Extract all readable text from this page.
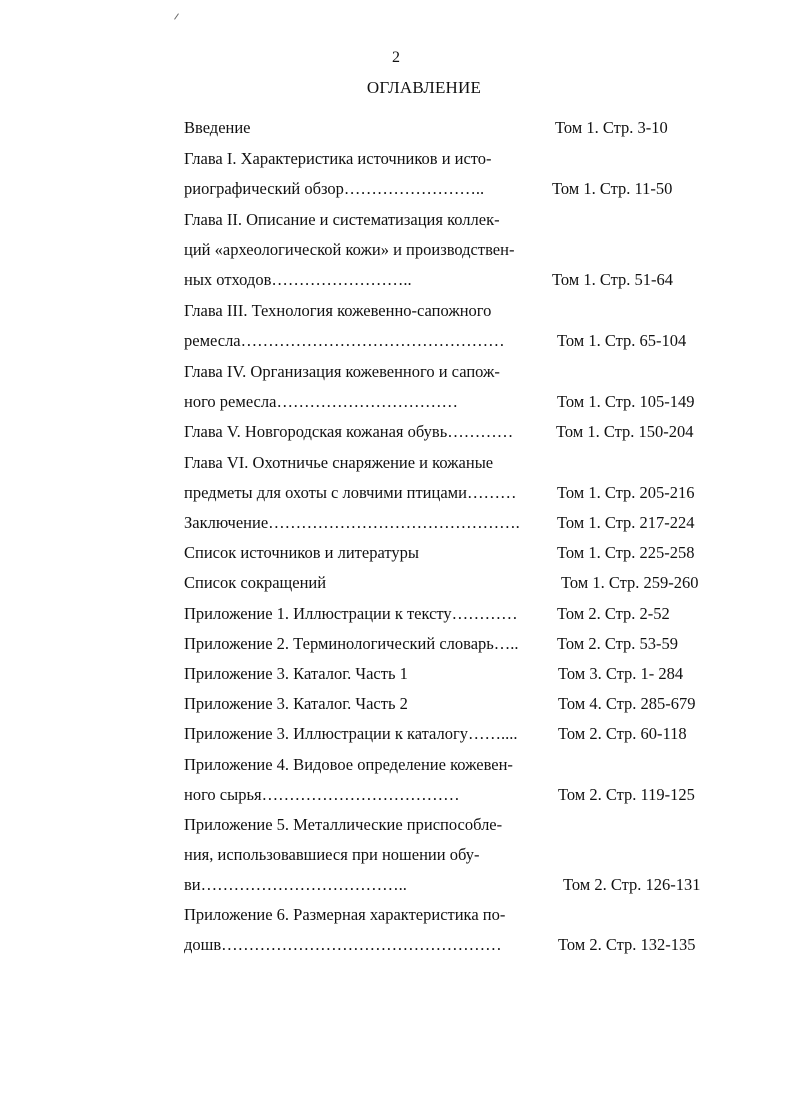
2
ОГЛАВЛЕНИЕ
Введение	Том 1. Стр. 3-10
Глава I. Характеристика источников и исто-
риографический обзор……………………..	Том 1. Стр. 11-50
Глава II. Описание и систематизация коллек-
ций «археологической кожи» и производствен-
ных отходов……………………..	Том 1. Стр. 51-64
Глава III. Технология кожевенно-сапожного
ремесла…………………………………………	Том 1. Стр. 65-104
Глава IV. Организация кожевенного и сапож-
ного ремесла……………………………	Том 1. Стр. 105-149
Глава V. Новгородская кожаная обувь…………	Том 1. Стр. 150-204
Глава VI. Охотничье снаряжение и кожаные
предметы для охоты с ловчими птицами……… Том 1. Стр. 205-216
Заключение………………………………………. Том 1. Стр. 217-224
Список источников и литературы	Том 1. Стр. 225-258
Список сокращений	Том 1. Стр. 259-260
Приложение 1. Иллюстрации к тексту………… Том 2. Стр. 2-52
Приложение 2. Терминологический словарь….. Том 2. Стр. 53-59
Приложение 3. Каталог. Часть 1	Том 3. Стр. 1- 284
Приложение 3. Каталог. Часть 2	Том 4. Стр. 285-679
Приложение 3. Иллюстрации к каталогу…….... Том 2. Стр. 60-118
Приложение 4. Видовое определение кожевен-
ного сырья………………………………	Том 2. Стр. 119-125
Приложение 5. Металлические приспособле-
ния, использовавшиеся при ношении обу-
ви………………………………..	Том 2. Стр. 126-131
Приложение 6. Размерная характеристика по-
дошв……………………………………………	Том 2. Стр. 132-135
